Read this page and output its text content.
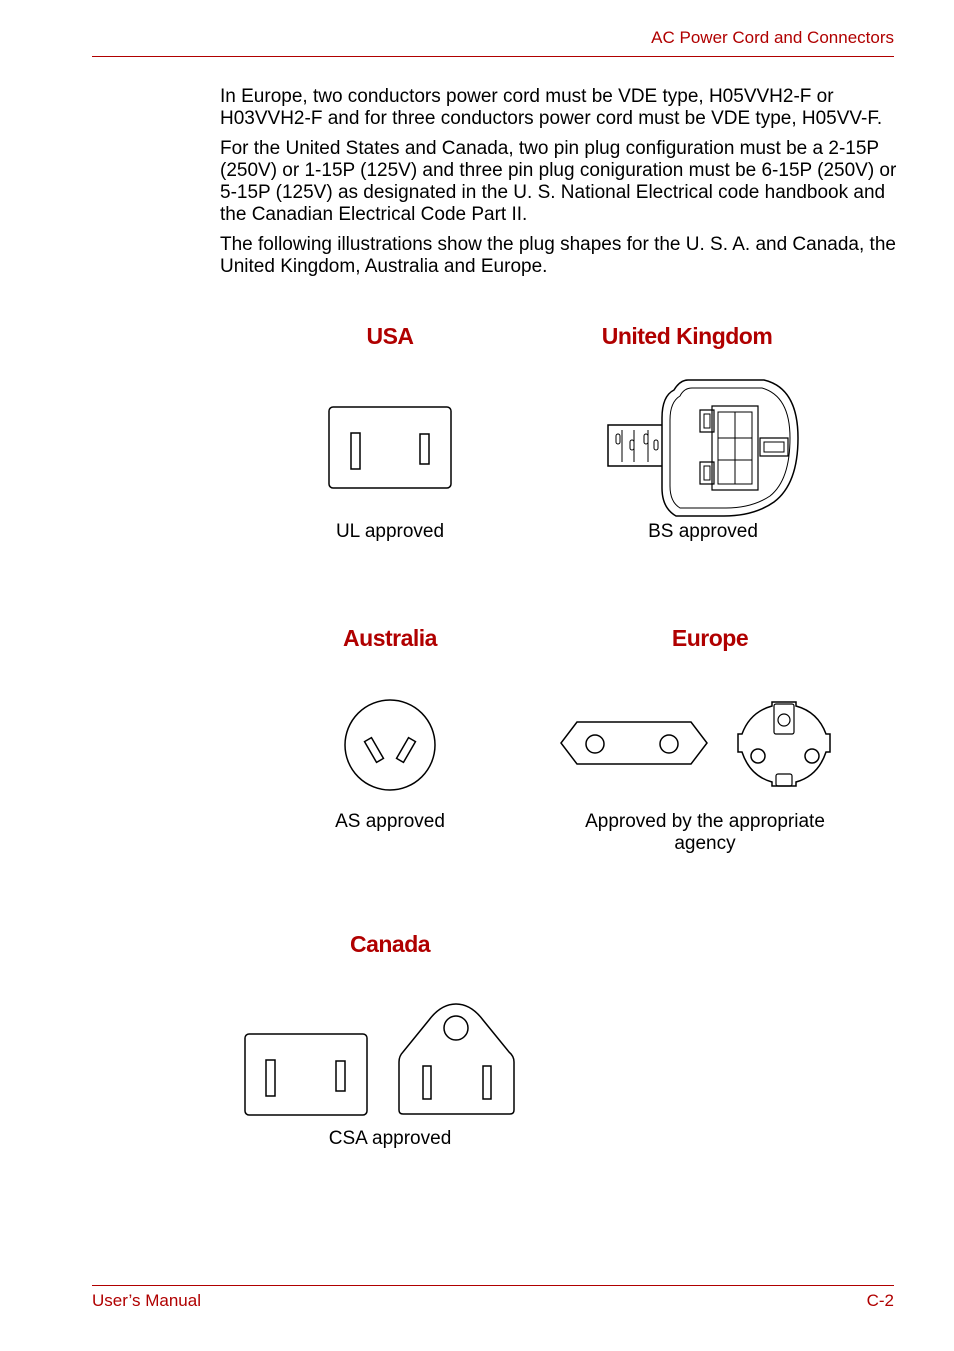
AC Power Cord and Connectors

In Europe, two conductors power cord must be VDE type, H05VVH2-F or H03VVH2-F and for three conductors power cord must be VDE type, H05VV-F.

For the United States and Canada, two pin plug configuration must be a 2-15P (250V) or 1-15P (125V) and three pin plug coniguration must be 6-15P (250V) or 5-15P (125V) as designated in the U. S. National Electrical code handbook and the Canadian Electrical Code Part II.

The following illustrations show the plug shapes for the U. S. A. and Canada, the United Kingdom, Australia and Europe.

USA
UL approved
United Kingdom
BS approved
Australia
AS approved
Europe
Approved by the appropriate
agency
Canada
CSA approved
User’s Manual	C-2
